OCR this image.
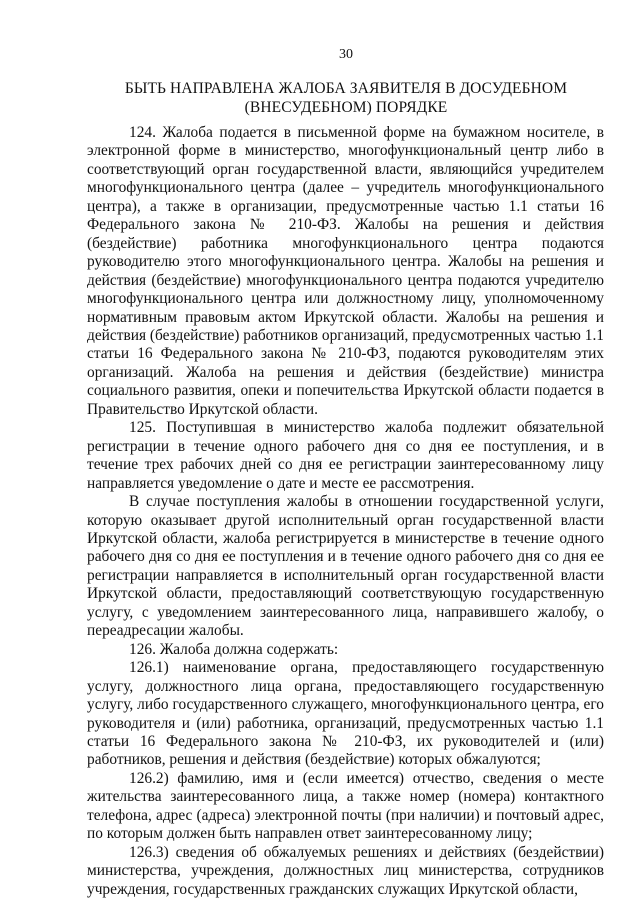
30
БЫТЬ НАПРАВЛЕНА ЖАЛОБА ЗАЯВИТЕЛЯ В ДОСУДЕБНОМ
(ВНЕСУДЕБНОМ) ПОРЯДКЕ

124. Жалоба подается в письменной форме на бумажном носителе, в электронной форме в министерство, многофункциональный центр либо в соответствующий орган государственной власти, являющийся учредителем многофункционального центра (далее – учредитель многофункционального центра), а также в организации, предусмотренные частью 1.1 статьи 16 Федерального закона № 210-ФЗ. Жалобы на решения и действия (бездействие) работника многофункционального центра подаются руководителю этого многофункционального центра. Жалобы на решения и действия (бездействие) многофункционального центра подаются учредителю многофункционального центра или должностному лицу, уполномоченному нормативным правовым актом Иркутской области. Жалобы на решения и действия (бездействие) работников организаций, предусмотренных частью 1.1 статьи 16 Федерального закона № 210-ФЗ, подаются руководителям этих организаций. Жалоба на решения и действия (бездействие) министра социального развития, опеки и попечительства Иркутской области подается в Правительство Иркутской области.

125. Поступившая в министерство жалоба подлежит обязательной регистрации в течение одного рабочего дня со дня ее поступления, и в течение трех рабочих дней со дня ее регистрации заинтересованному лицу направляется уведомление о дате и месте ее рассмотрения.

В случае поступления жалобы в отношении государственной услуги, которую оказывает другой исполнительный орган государственной власти Иркутской области, жалоба регистрируется в министерстве в течение одного рабочего дня со дня ее поступления и в течение одного рабочего дня со дня ее регистрации направляется в исполнительный орган государственной власти Иркутской области, предоставляющий соответствующую государственную услугу, с уведомлением заинтересованного лица, направившего жалобу, о переадресации жалобы.

126. Жалоба должна содержать:

126.1) наименование органа, предоставляющего государственную услугу, должностного лица органа, предоставляющего государственную услугу, либо государственного служащего, многофункционального центра, его руководителя и (или) работника, организаций, предусмотренных частью 1.1 статьи 16 Федерального закона № 210-ФЗ, их руководителей и (или) работников, решения и действия (бездействие) которых обжалуются;

126.2) фамилию, имя и (если имеется) отчество, сведения о месте жительства заинтересованного лица, а также номер (номера) контактного телефона, адрес (адреса) электронной почты (при наличии) и почтовый адрес, по которым должен быть направлен ответ заинтересованному лицу;

126.3) сведения об обжалуемых решениях и действиях (бездействии) министерства, учреждения, должностных лиц министерства, сотрудников учреждения, государственных гражданских служащих Иркутской области,
